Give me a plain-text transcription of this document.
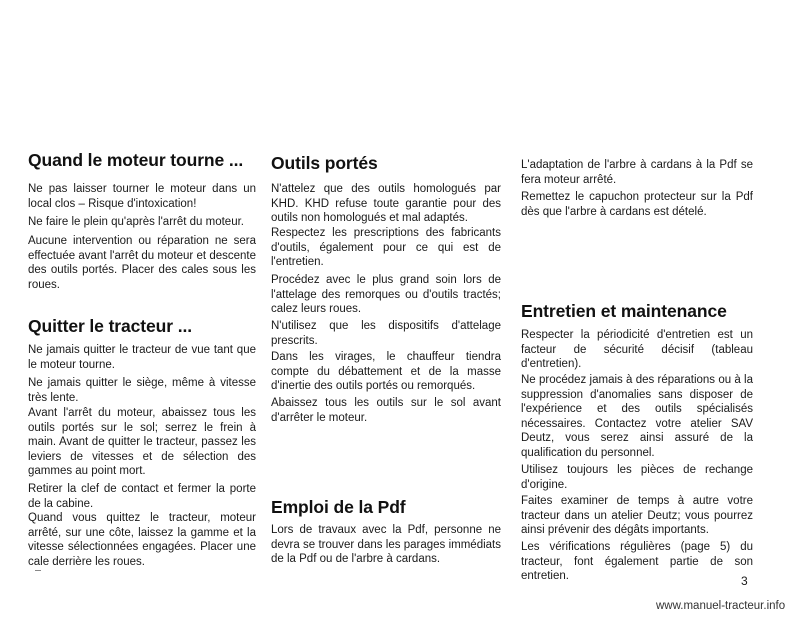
Quand le moteur tourne ...

Ne pas laisser tourner le moteur dans un local clos – Risque d'intoxication!

Ne faire le plein qu'après l'arrêt du moteur.

Aucune intervention ou réparation ne sera effectuée avant l'arrêt du moteur et descente des outils portés. Placer des cales sous les roues.

Quitter le tracteur ...

Ne jamais quitter le tracteur de vue tant que le moteur tourne.

Ne jamais quitter le siège, même à vitesse très lente.

Avant l'arrêt du moteur, abaissez tous les outils portés sur le sol; serrez le frein à main. Avant de quitter le tracteur, passez les leviers de vitesses et de sélection des gammes au point mort.

Retirer la clef de contact et fermer la porte de la cabine.

Quand vous quittez le tracteur, moteur arrêté, sur une côte, laissez la gamme et la vitesse sélectionnées engagées. Placer une cale derrière les roues.

Outils portés

N'attelez que des outils homologués par KHD. KHD refuse toute garantie pour des outils non homologués et mal adaptés.

Respectez les prescriptions des fabricants d'outils, également pour ce qui est de l'entretien.

Procédez avec le plus grand soin lors de l'attelage des remorques ou d'outils tractés; calez leurs roues.

N'utilisez que les dispositifs d'attelage prescrits.

Dans les virages, le chauffeur tiendra compte du débattement et de la masse d'inertie des outils portés ou remorqués.

Abaissez tous les outils sur le sol avant d'arrêter le moteur.

Emploi de la Pdf

Lors de travaux avec la Pdf, personne ne devra se trouver dans les parages immédiats de la Pdf ou de l'arbre à cardans.

L'adaptation de l'arbre à cardans à la Pdf se fera moteur arrêté.

Remettez le capuchon protecteur sur la Pdf dès que l'arbre à cardans est dételé.

Entretien et maintenance

Respecter la périodicité d'entretien est un facteur de sécurité décisif (tableau d'entretien).

Ne procédez jamais à des réparations ou à la suppression d'anomalies sans disposer de l'expérience et des outils spécialisés nécessaires. Contactez votre atelier SAV Deutz, vous serez ainsi assuré de la qualification du personnel.

Utilisez toujours les pièces de rechange d'origine.

Faites examiner de temps à autre votre tracteur dans un atelier Deutz; vous pourrez ainsi prévenir des dégâts importants.

Les vérifications régulières (page 5) du tracteur, font également partie de son entretien.	3
www.manuel-tracteur.info
